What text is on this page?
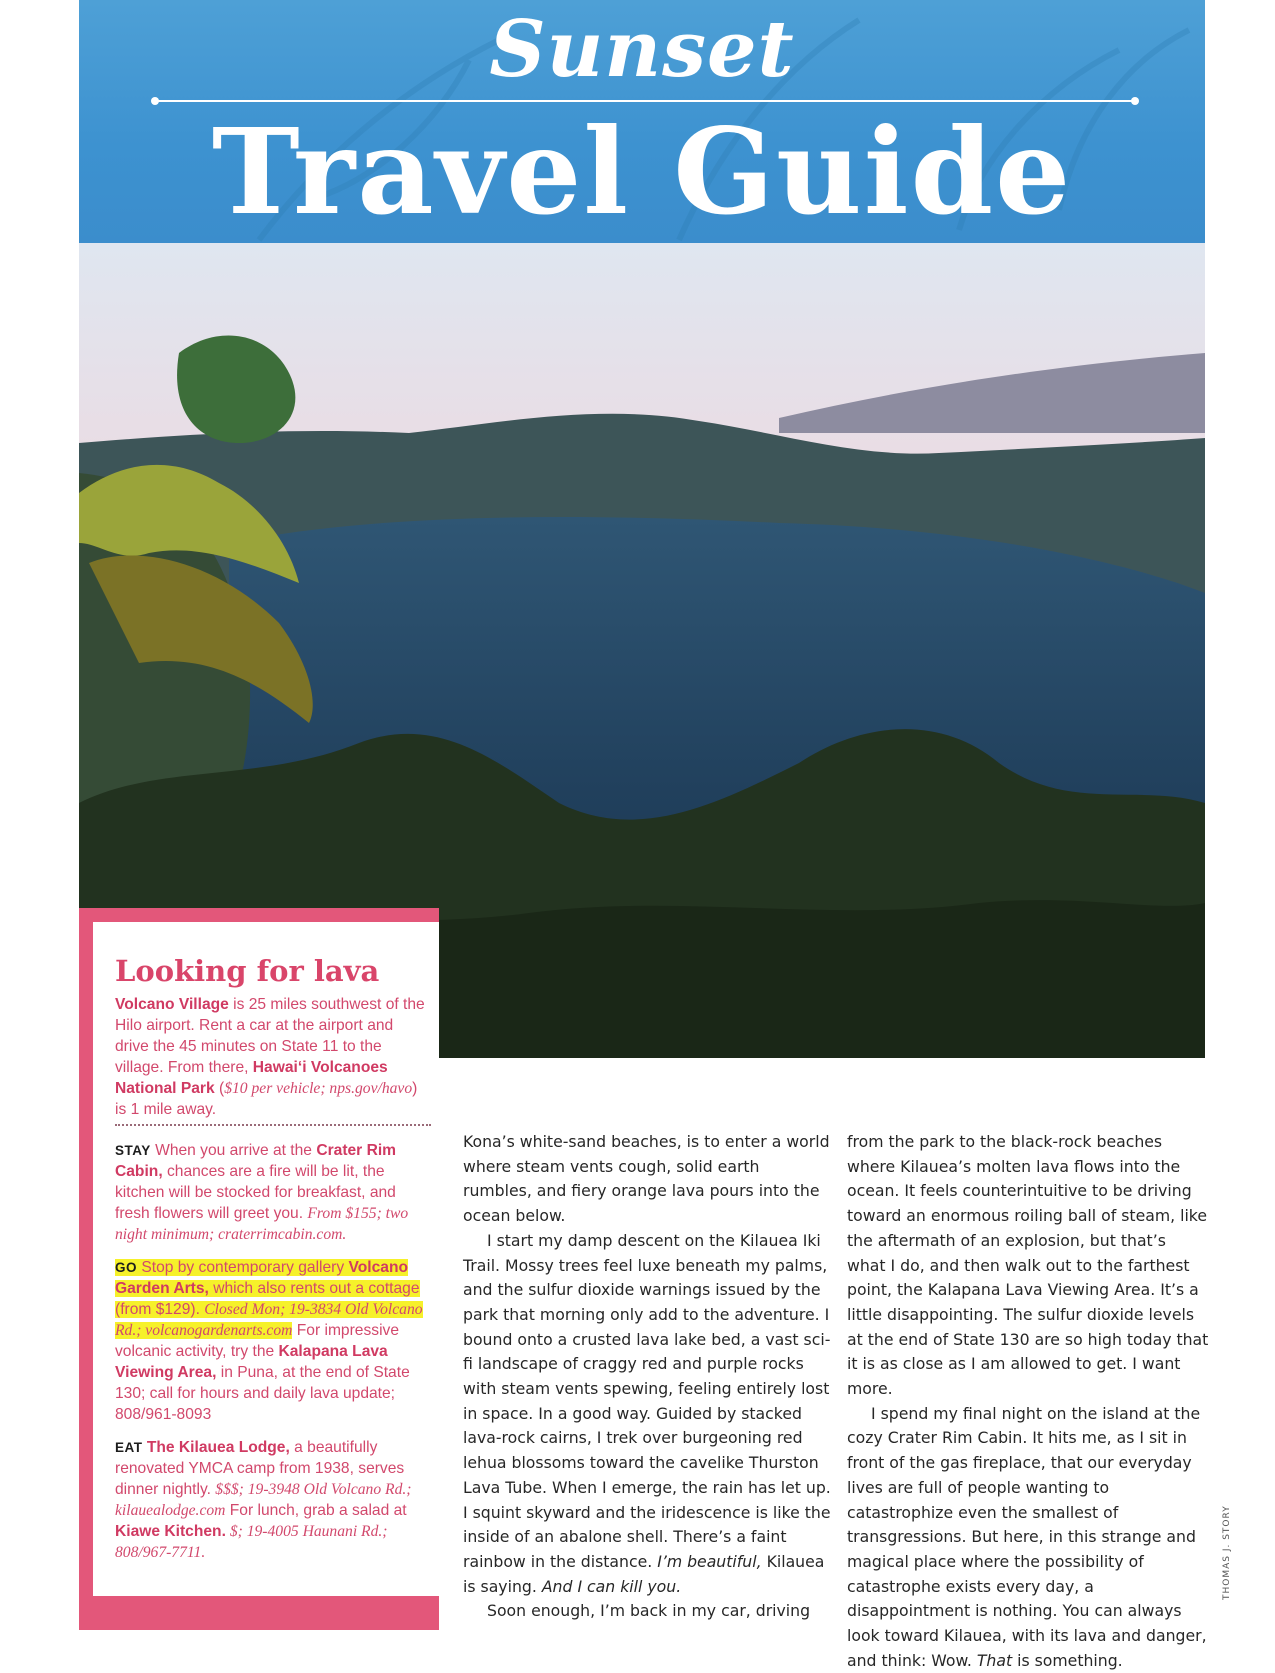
Sunset
Travel Guide
Looking for lava

Volcano Village is 25 miles southwest of the Hilo airport. Rent a car at the airport and drive the 45 minutes on State 11 to the village. From there, Hawai‘i Volcanoes National Park ($10 per vehicle; nps.gov/havo) is 1 mile away.

STAY When you arrive at the Crater Rim Cabin, chances are a fire will be lit, the kitchen will be stocked for breakfast, and fresh flowers will greet you. From $155; two night minimum; craterrimcabin.com.

GO Stop by contemporary gallery Volcano Garden Arts, which also rents out a cottage (from $129). Closed Mon; 19-3834 Old Volcano Rd.; volcanogardenarts.com For impressive volcanic activity, try the Kalapana Lava Viewing Area, in Puna, at the end of State 130; call for hours and daily lava update; 808/961-8093

EAT The Kilauea Lodge, a beautifully renovated YMCA camp from 1938, serves dinner nightly. $$$; 19-3948 Old Volcano Rd.; kilauealodge.com For lunch, grab a salad at Kiawe Kitchen. $; 19-4005 Haunani Rd.; 808/967-7711.

Kona’s white-sand beaches, is to enter a world where steam vents cough, solid earth rumbles, and fiery orange lava pours into the ocean below.

I start my damp descent on the Kilauea Iki Trail. Mossy trees feel luxe beneath my palms, and the sulfur dioxide warnings issued by the park that morning only add to the adventure. I bound onto a crusted lava lake bed, a vast sci-fi landscape of craggy red and purple rocks with steam vents spewing, feeling entirely lost in space. In a good way. Guided by stacked lava-rock cairns, I trek over burgeoning red lehua blossoms toward the cavelike Thurston Lava Tube. When I emerge, the rain has let up. I squint skyward and the iridescence is like the inside of an abalone shell. There’s a faint rainbow in the distance. I’m beautiful, Kilauea is saying. And I can kill you.

Soon enough, I’m back in my car, driving

from the park to the black-rock beaches where Kilauea’s molten lava flows into the ocean. It feels counterintuitive to be driving toward an enormous roiling ball of steam, like the aftermath of an explosion, but that’s what I do, and then walk out to the farthest point, the Kalapana Lava Viewing Area. It’s a little disappointing. The sulfur dioxide levels at the end of State 130 are so high today that it is as close as I am allowed to get. I want more.

I spend my final night on the island at the cozy Crater Rim Cabin. It hits me, as I sit in front of the gas fireplace, that our everyday lives are full of people wanting to catastrophize even the smallest of transgressions. But here, in this strange and magical place where the possibility of catastrophe exists every day, a disappointment is nothing. You can always look toward Kilauea, with its lava and danger, and think: Wow. That is something.

THOMAS J. STORY
